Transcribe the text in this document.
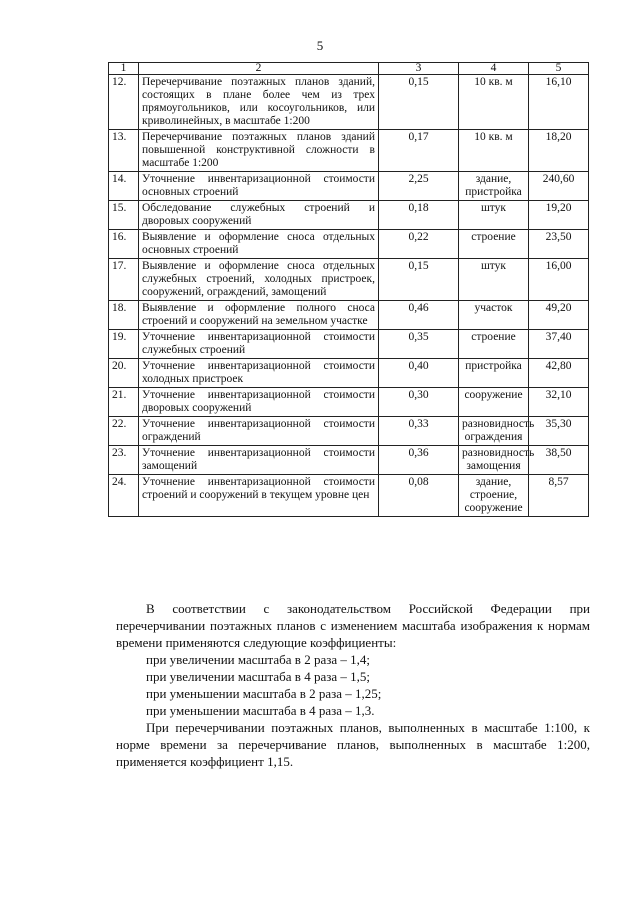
5
1	2	3	4	5
12.	Перечерчивание поэтажных планов зданий, состоящих в плане более чем из трех прямоугольников, или косоугольников, или криволинейных, в масштабе 1:200	0,15	10 кв. м	16,10
13.	Перечерчивание поэтажных планов зданий повышенной конструктивной сложности в масштабе 1:200	0,17	10 кв. м	18,20
14.	Уточнение инвентаризационной стоимости основных строений	2,25	здание, пристройка	240,60
15.	Обследование служебных строений и дворовых сооружений	0,18	штук	19,20
16.	Выявление и оформление сноса отдельных основных строений	0,22	строение	23,50
17.	Выявление и оформление сноса отдельных служебных строений, холодных пристроек, сооружений, ограждений, замощений	0,15	штук	16,00
18.	Выявление и оформление полного сноса строений и сооружений на земельном участке	0,46	участок	49,20
19.	Уточнение инвентаризационной стоимости служебных строений	0,35	строение	37,40
20.	Уточнение инвентаризационной стоимости холодных пристроек	0,40	пристройка	42,80
21.	Уточнение инвентаризационной стоимости дворовых сооружений	0,30	сооружение	32,10
22.	Уточнение инвентаризационной стоимости ограждений	0,33	разновидность ограждения	35,30
23.	Уточнение инвентаризационной стоимости замощений	0,36	разновидность замощения	38,50
24.	Уточнение инвентаризационной стоимости строений и сооружений в текущем уровне цен	0,08	здание, строение, сооружение	8,57

В соответствии с законодательством Российской Федерации при перечерчивании поэтажных планов с изменением масштаба изображения к нормам времени применяются следующие коэффициенты:

при увеличении масштаба в 2 раза – 1,4;

при увеличении масштаба в 4 раза – 1,5;

при уменьшении масштаба в 2 раза – 1,25;

при уменьшении масштаба в 4 раза – 1,3.

При перечерчивании поэтажных планов, выполненных в масштабе 1:100, к норме времени за перечерчивание планов, выполненных в масштабе 1:200, применяется коэффициент 1,15.
